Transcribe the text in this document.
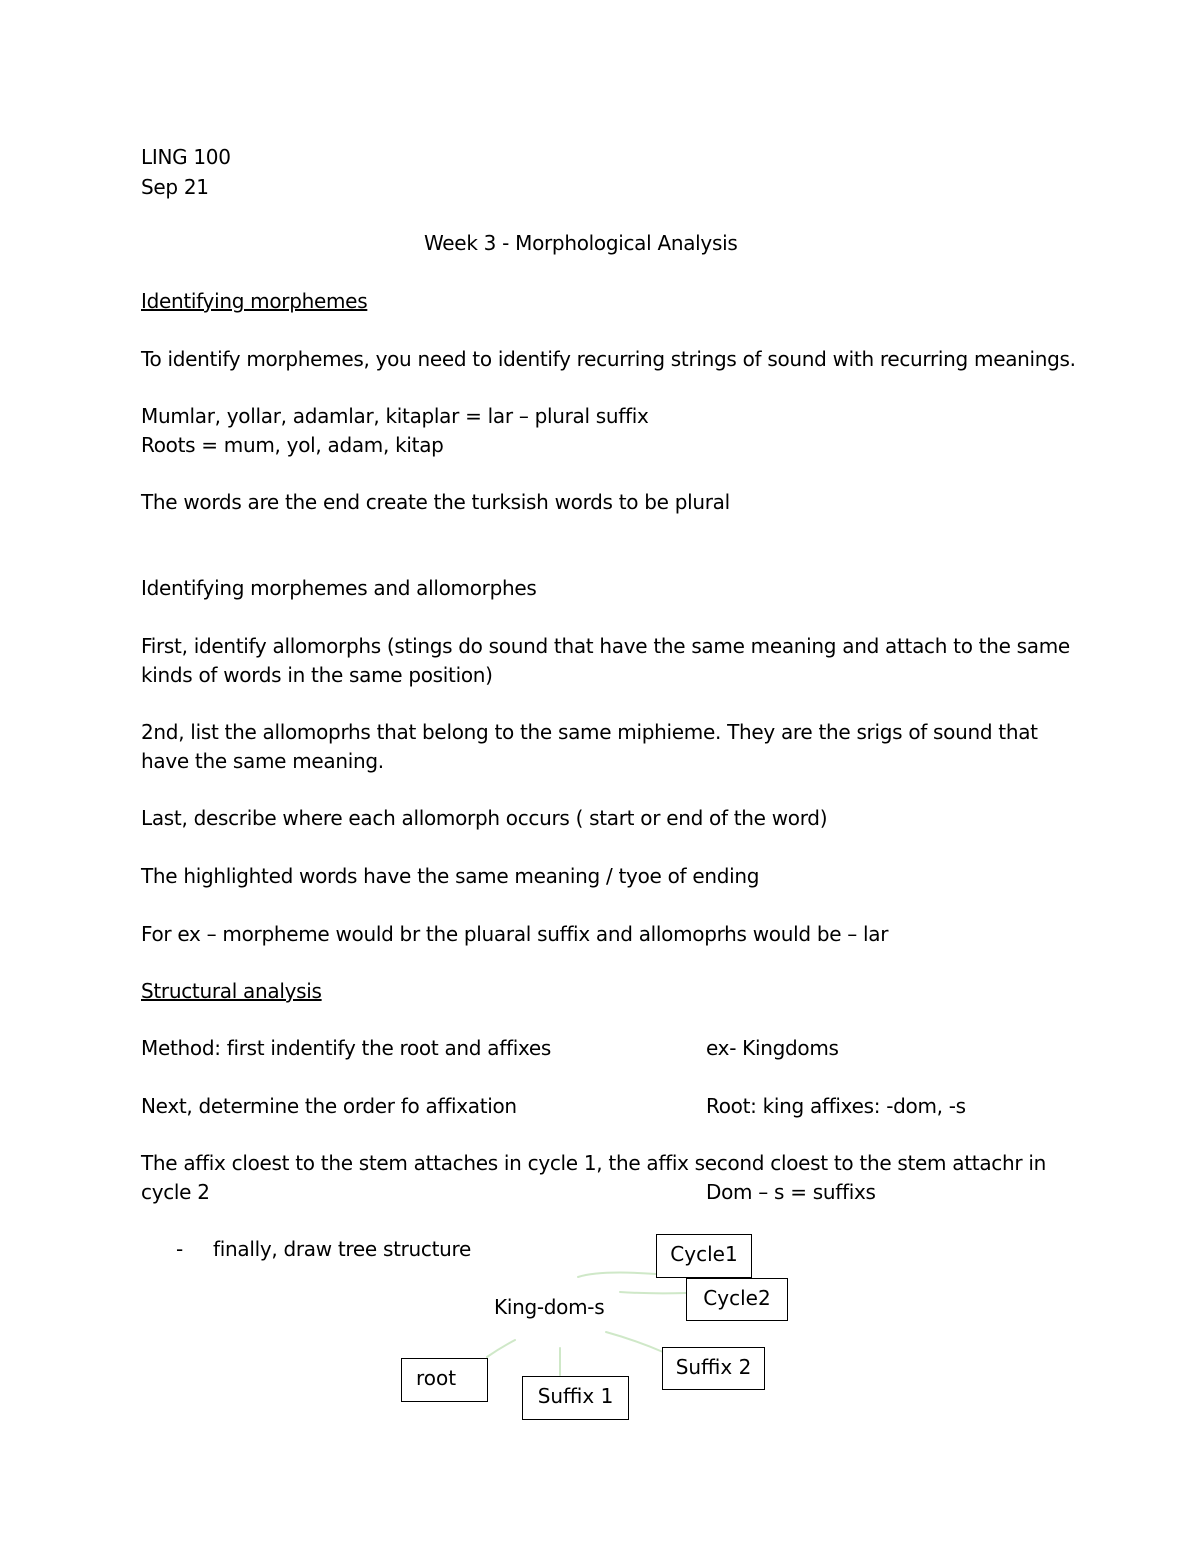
LING 100
Sep 21
Week 3 - Morphological Analysis
Identifying morphemes
To identify morphemes, you need to identify recurring strings of sound with recurring meanings.
Mumlar, yollar, adamlar, kitaplar = lar – plural suffix
Roots = mum, yol, adam, kitap
The words are the end create the turksish words to be plural
Identifying morphemes and allomorphes
First, identify allomorphs (stings do sound that have the same meaning and attach to the same
kinds of words in the same position)
2nd, list the allomoprhs that belong to the same miphieme. They are the srigs of sound that
have the same meaning.
Last, describe where each allomorph occurs ( start or end of the word)
The highlighted words have the same meaning / tyoe of ending
For ex – morpheme would br the pluaral suffix and allomoprhs would be – lar
Structural analysis
Method: first indentify the root and affixes	ex- Kingdoms
Next, determine the order fo affixation	Root: king affixes: -dom, -s
The affix cloest to the stem attaches in cycle 1, the affix second cloest to the stem attachr in
cycle 2	Dom – s = suffixs
- finally, draw tree structure
King-dom-s
Cycle1
Cycle2
root
Suffix 1
Suffix 2
